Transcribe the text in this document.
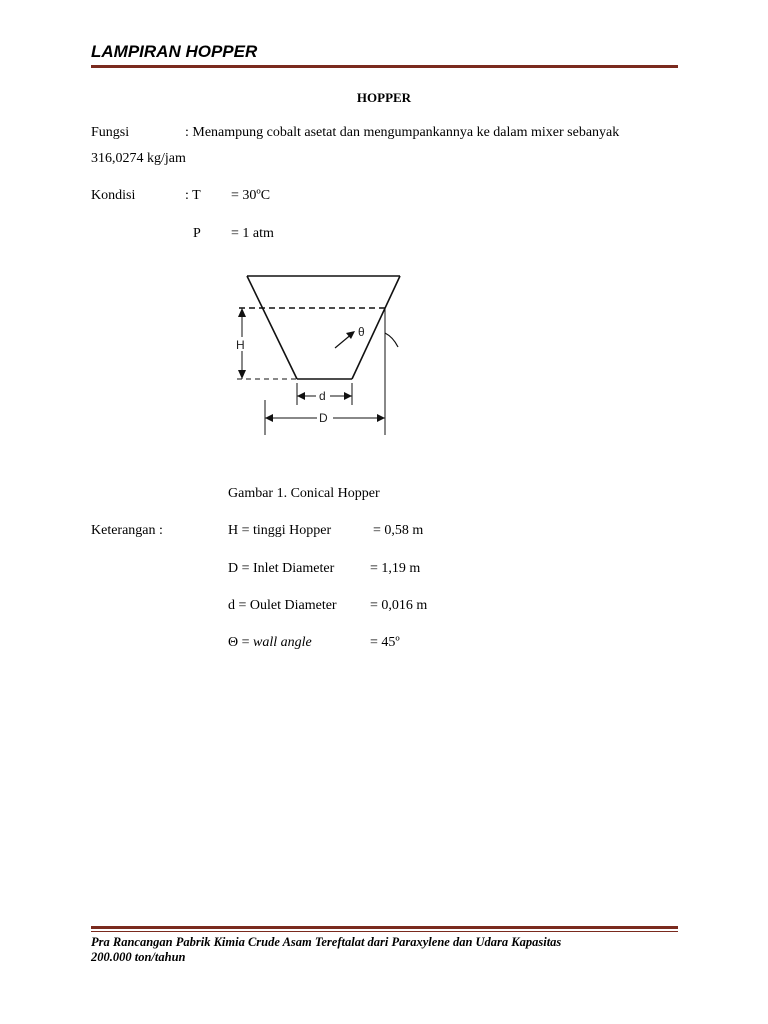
LAMPIRAN HOPPER
HOPPER
Fungsi	: Menampung cobalt asetat dan mengumpankannya ke dalam mixer sebanyak
316,0274 kg/jam
Kondisi	: T = 30ºC
P = 1 atm
H
d
D
θ
Gambar 1. Conical Hopper
Keterangan :	H = tinggi Hopper	= 0,58 m
D = Inlet Diameter	= 1,19 m
d = Oulet Diameter = 0,016 m
Θ = wall angle	= 45º
Pra Rancangan Pabrik Kimia Crude Asam Tereftalat dari Paraxylene dan Udara Kapasitas
200.000 ton/tahun
